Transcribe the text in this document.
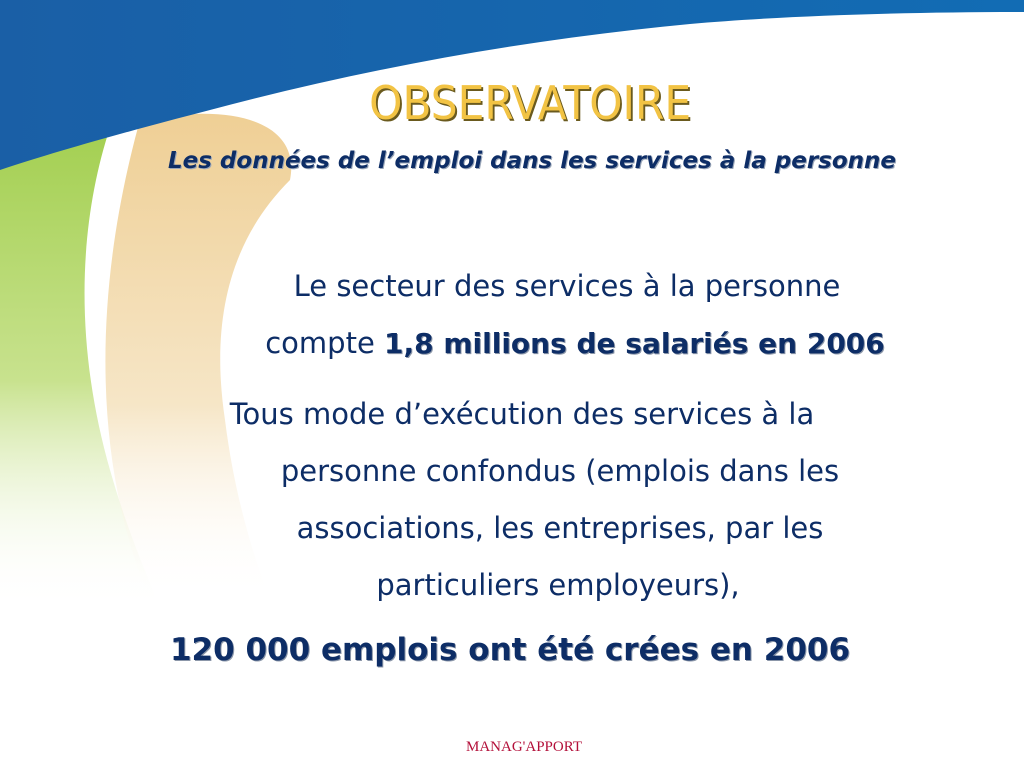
OBSERVATOIRE
Les données de l’emploi dans les services à la personne

Le secteur des services à la personne
compte 1,8 millions de salariés en 2006

Tous mode d’exécution des services à la
personne confondus (emplois dans les
associations, les entreprises, par les
particuliers employeurs),

120 000 emplois ont été crées en 2006

MANAG'APPORT
